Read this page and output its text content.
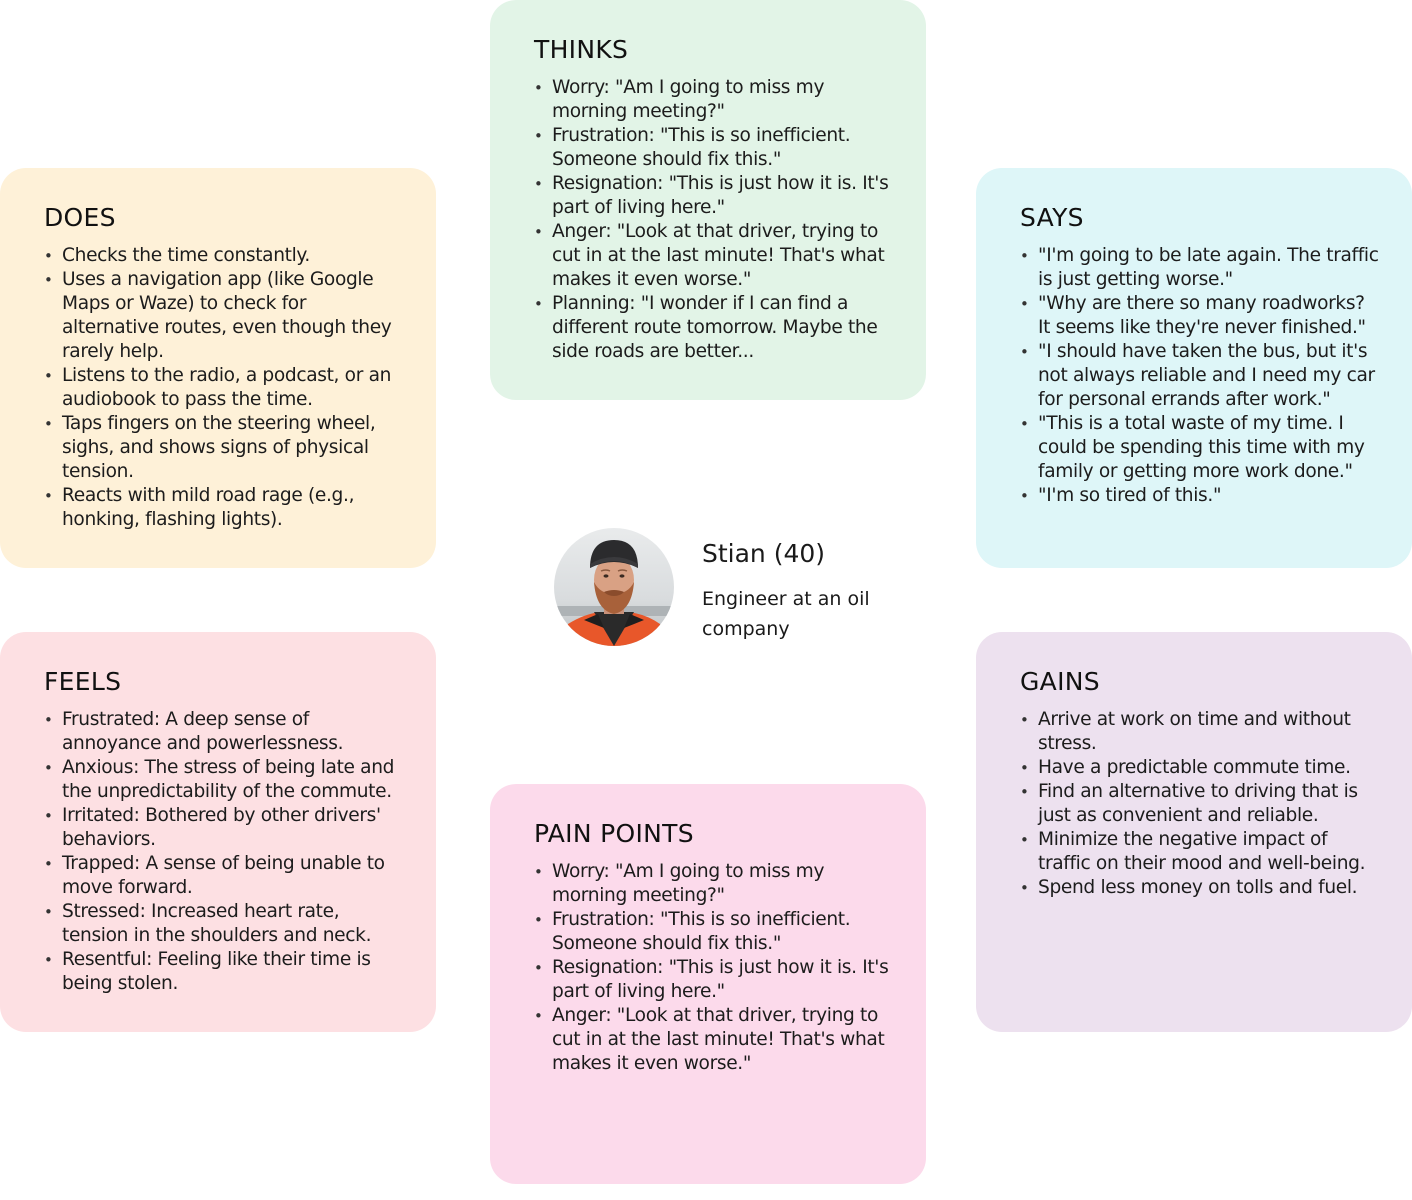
THINKS
• Worry: "Am I going to miss my morning meeting?"
• Frustration: "This is so inefficient. Someone should fix this."
• Resignation: "This is just how it is. It's part of living here."
• Anger: "Look at that driver, trying to cut in at the last minute! That's what makes it even worse."
• Planning: "I wonder if I can find a different route tomorrow. Maybe the side roads are better...
DOES
• Checks the time constantly.
• Uses a navigation app (like Google Maps or Waze) to check for alternative routes, even though they rarely help.
• Listens to the radio, a podcast, or an audiobook to pass the time.
• Taps fingers on the steering wheel, sighs, and shows signs of physical tension.
• Reacts with mild road rage (e.g., honking, flashing lights).
SAYS
• "I'm going to be late again. The traffic is just getting worse."
• "Why are there so many roadworks? It seems like they're never finished."
• "I should have taken the bus, but it's not always reliable and I need my car for personal errands after work."
• "This is a total waste of my time. I could be spending this time with my family or getting more work done."
• "I'm so tired of this."
FEELS
• Frustrated: A deep sense of annoyance and powerlessness.
• Anxious: The stress of being late and the unpredictability of the commute.
• Irritated: Bothered by other drivers' behaviors.
• Trapped: A sense of being unable to move forward.
• Stressed: Increased heart rate, tension in the shoulders and neck.
• Resentful: Feeling like their time is being stolen.
GAINS
• Arrive at work on time and without stress.
• Have a predictable commute time.
• Find an alternative to driving that is just as convenient and reliable.
• Minimize the negative impact of traffic on their mood and well-being.
• Spend less money on tolls and fuel.
PAIN POINTS
• Worry: "Am I going to miss my morning meeting?"
• Frustration: "This is so inefficient. Someone should fix this."
• Resignation: "This is just how it is. It's part of living here."
• Anger: "Look at that driver, trying to cut in at the last minute! That's what makes it even worse."
Stian (40)
Engineer at an oil company
